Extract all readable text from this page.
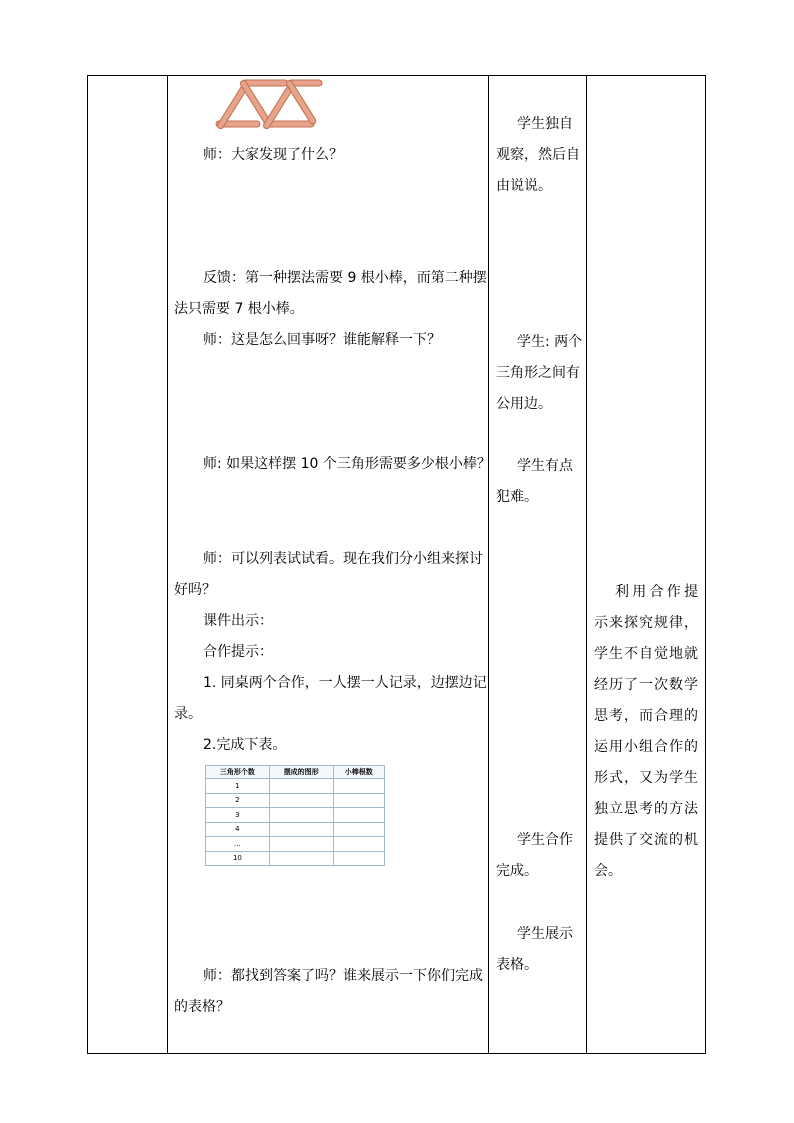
师：大家发现了什么？
反馈：第一种摆法需要 9 根小棒，而第二种摆
法只需要 7 根小棒。
师：这是怎么回事呀？谁能解释一下？
师: 如果这样摆 10 个三角形需要多少根小棒？
师：可以列表试试看。现在我们分小组来探讨
好吗？
课件出示：
合作提示：
1. 同桌两个合作，一人摆一人记录，边摆边记
录。
2.完成下表。
师：都找到答案了吗？谁来展示一下你们完成
的表格？
三角形个数	摆成的图形	小棒根数
1		
2		
3		
4		
…		
10		
学生独自
观察，然后自
由说说。
学生: 两个
三角形之间有
公用边。
学生有点
犯难。
学生合作
完成。
学生展示
表格。
利用合作提示来探究规律，学生不自觉地就经历了一次数学思考，而合理的运用小组合作的形式，又为学生独立思考的方法提供了交流的机会。
